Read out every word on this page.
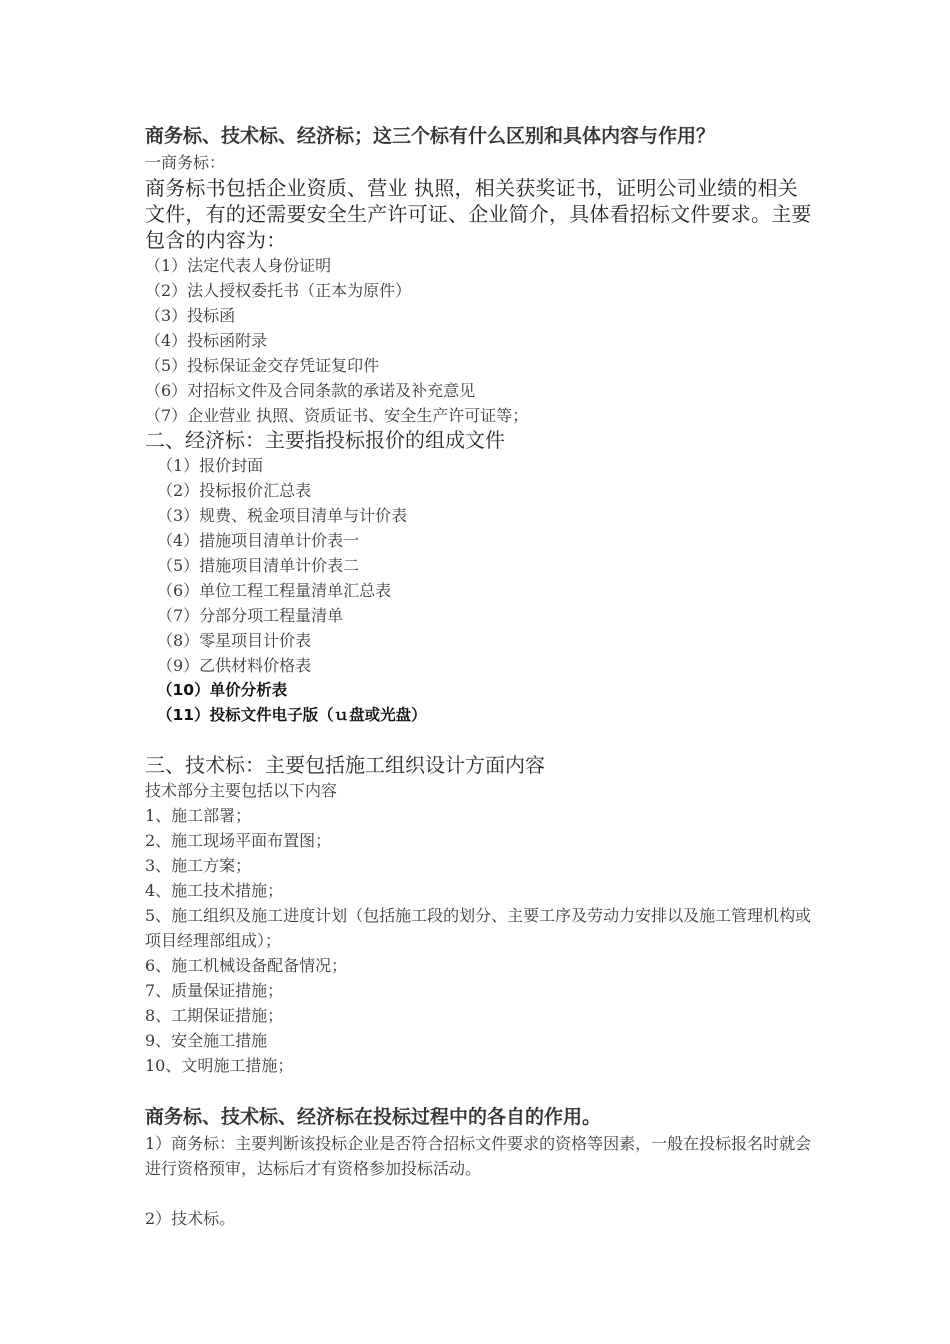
商务标、技术标、经济标；这三个标有什么区别和具体内容与作用？
一商务标：
商务标书包括企业资质、营业 执照，相关获奖证书，证明公司业绩的相关文件，有的还需要安全生产许可证、企业简介，具体看招标文件要求。主要包含的内容为：
（1）法定代表人身份证明
（2）法人授权委托书（正本为原件）
（3）投标函
（4）投标函附录
（5）投标保证金交存凭证复印件
（6）对招标文件及合同条款的承诺及补充意见
（7）企业营业 执照、资质证书、安全生产许可证等；
二、经济标：主要指投标报价的组成文件
（1）报价封面
（2）投标报价汇总表
（3）规费、税金项目清单与计价表
（4）措施项目清单计价表一
（5）措施项目清单计价表二
（6）单位工程工程量清单汇总表
（7）分部分项工程量清单
（8）零星项目计价表
（9）乙供材料价格表
（10）单价分析表
（11）投标文件电子版（ｕ盘或光盘）
三、技术标：主要包括施工组织设计方面内容
技术部分主要包括以下内容
1、施工部署；
2、施工现场平面布置图；
3、施工方案；
4、施工技术措施；
5、施工组织及施工进度计划（包括施工段的划分、主要工序及劳动力安排以及施工管理机构或项目经理部组成）；
6、施工机械设备配备情况；
7、质量保证措施；
8、工期保证措施；
9、安全施工措施
10、文明施工措施；
商务标、技术标、经济标在投标过程中的各自的作用。
1）商务标：主要判断该投标企业是否符合招标文件要求的资格等因素，一般在投标报名时就会进行资格预审，达标后才有资格参加投标活动。
2）技术标。
